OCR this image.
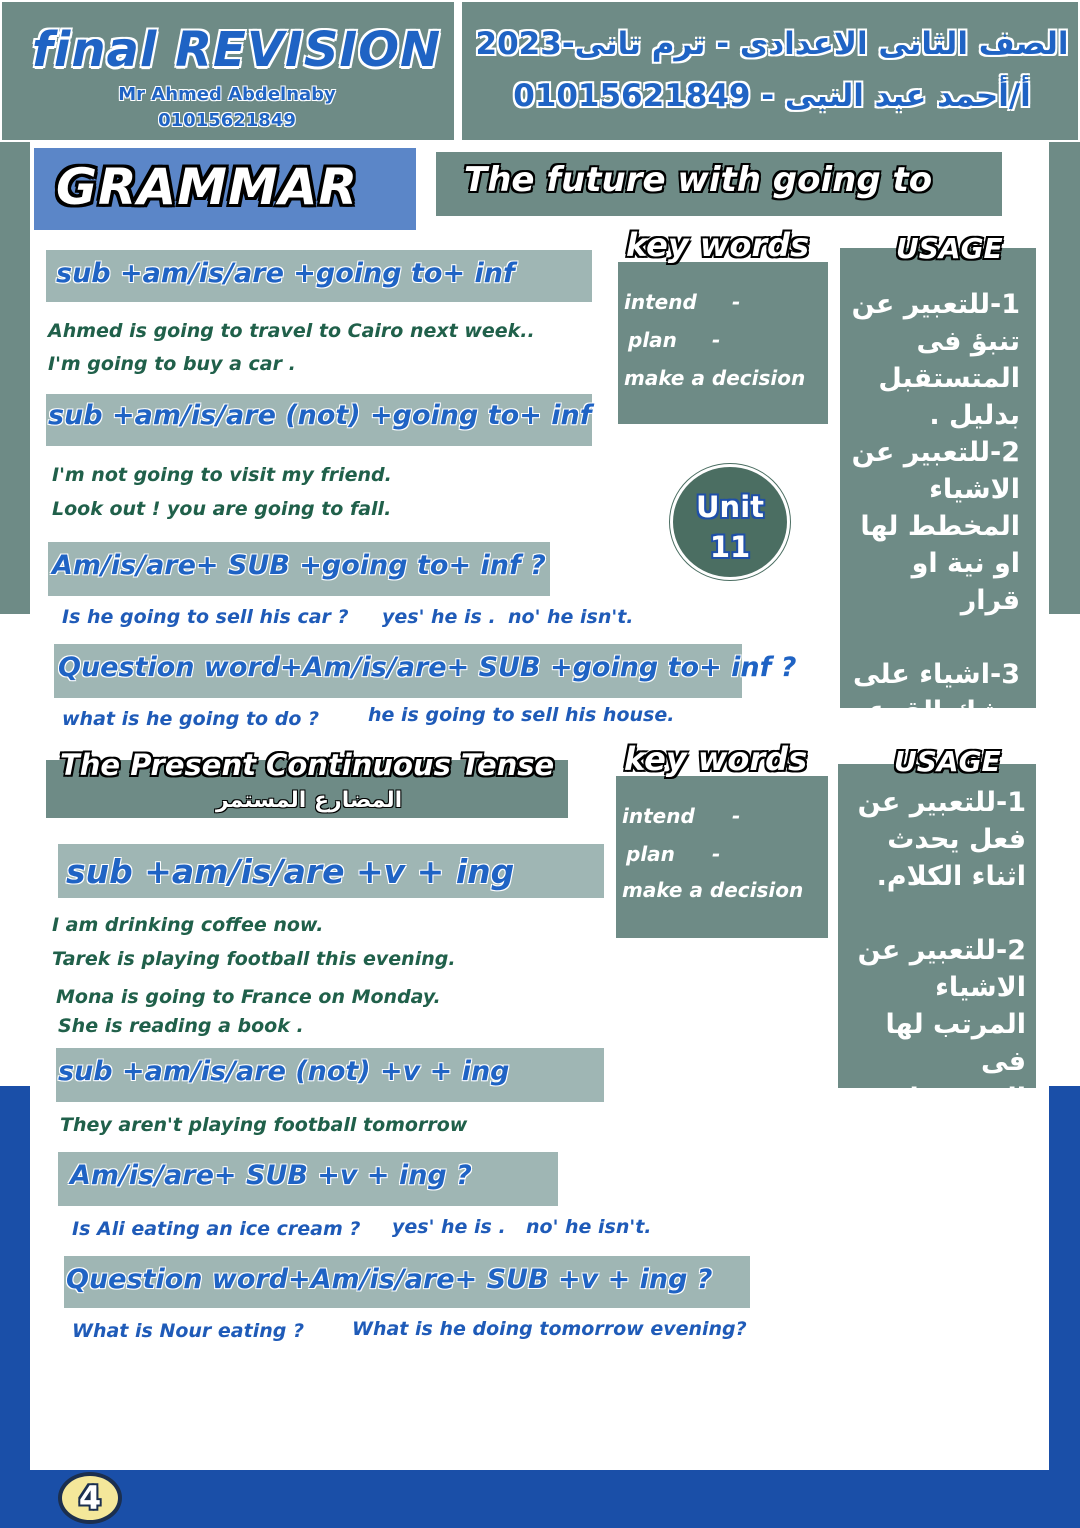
final REVISION
Mr Ahmed Abdelnaby
01015621849
الصف الثانى الاعدادى - ترم تانى-2023
أ/أحمد عبد النبى - 01015621849
GRAMMAR	The future with going to
sub +am/is/are +going to+ inf
Ahmed is going to travel to Cairo next week..
I'm going to buy a car .
sub +am/is/are (not) +going to+ inf
I'm not going to visit my friend.
Look out ! you are going to fall.
Am/is/are+ SUB +going to+ inf ?
Is he going to sell his car ? yes' he is . no' he isn't.
Question word+Am/is/are+ SUB +going to+ inf ?
what is he going to do ?	he is going to sell his house.
key words
intend -
plan -
make a decision
USAGE
1-للتعبير عن
تنبؤ فى
المتستقبل
بدليل .
2-للتعبير عن
الاشياء
المخطط لها
او نية او قرار

3-اشياء على
وشك القوع
Unit
11
The Present Continuous Tense
المضارع المستمر
sub +am/is/are +v + ing
I am drinking coffee now.
Tarek is playing football this evening.
Mona is going to France on Monday.
She is reading a book .
sub +am/is/are (not) +v + ing
They aren't playing football tomorrow
Am/is/are+ SUB +v + ing ?
Is Ali eating an ice cream ? yes' he is . no' he isn't.
Question word+Am/is/are+ SUB +v + ing ?
What is Nour eating ?	What is he doing tomorrow evening?
key words
intend -
plan -
make a decision
USAGE
1-للتعبير عن
فعل يحدث
اثناء الكلام.

2-للتعبير عن
الاشياء
المرتب لها
فى المستقبل
4
